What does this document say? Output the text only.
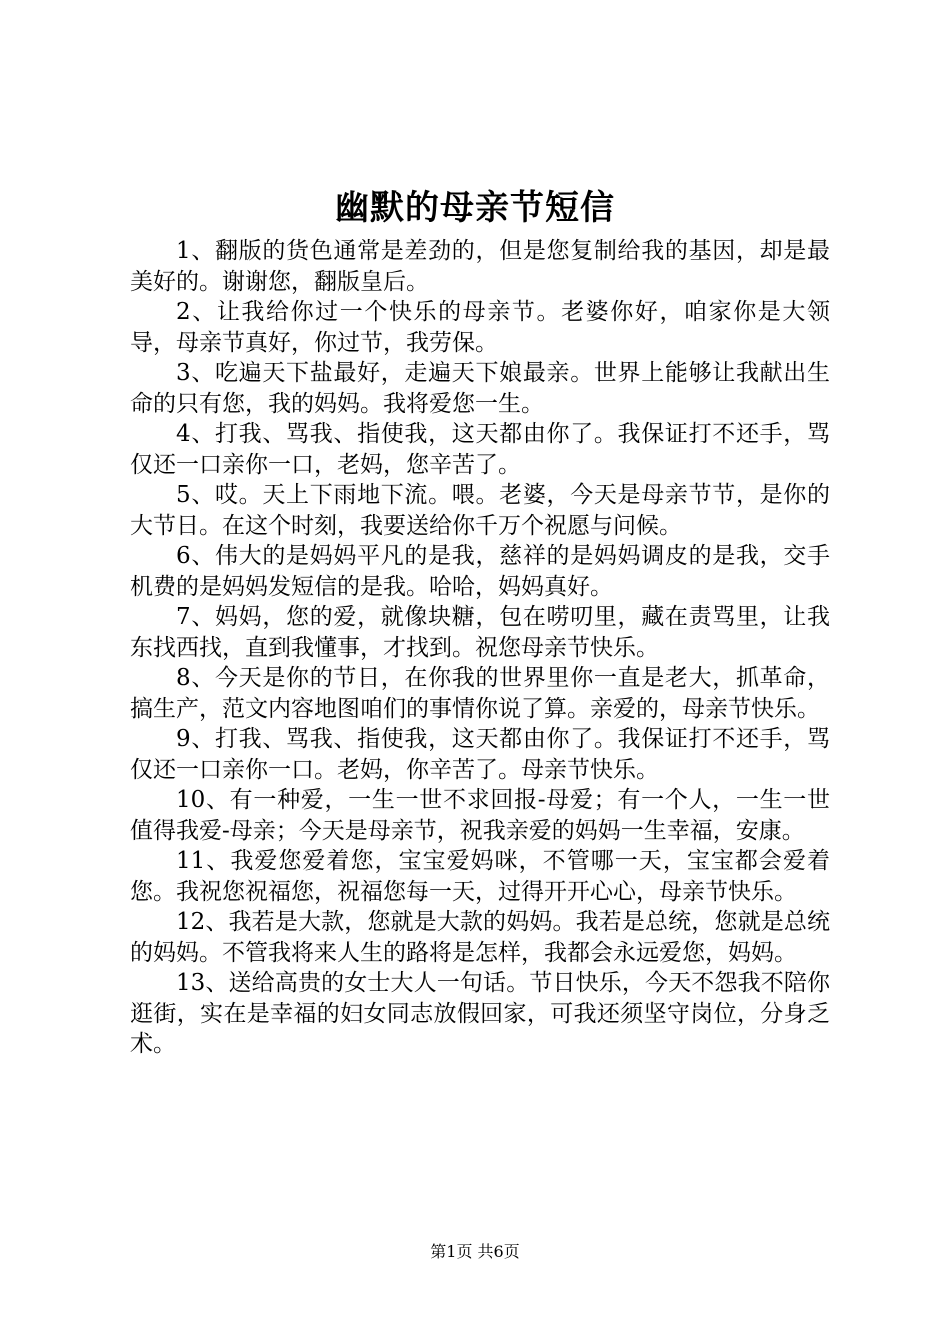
幽默的母亲节短信

1、翻版的货色通常是差劲的，但是您复制给我的基因，却是最美好的。谢谢您，翻版皇后。

2、让我给你过一个快乐的母亲节。老婆你好，咱家你是大领导，母亲节真好，你过节，我劳保。

3、吃遍天下盐最好，走遍天下娘最亲。世界上能够让我献出生命的只有您，我的妈妈。我将爱您一生。

4、打我、骂我、指使我，这天都由你了。我保证打不还手，骂仅还一口亲你一口，老妈，您辛苦了。

5、哎。天上下雨地下流。喂。老婆，今天是母亲节节，是你的大节日。在这个时刻，我要送给你千万个祝愿与问候。

6、伟大的是妈妈平凡的是我，慈祥的是妈妈调皮的是我，交手机费的是妈妈发短信的是我。哈哈，妈妈真好。

7、妈妈，您的爱，就像块糖，包在唠叨里，藏在责骂里，让我东找西找，直到我懂事，才找到。祝您母亲节快乐。

8、今天是你的节日，在你我的世界里你一直是老大，抓革命，搞生产，范文内容地图咱们的事情你说了算。亲爱的，母亲节快乐。

9、打我、骂我、指使我，这天都由你了。我保证打不还手，骂仅还一口亲你一口。老妈，你辛苦了。母亲节快乐。

10、有一种爱，一生一世不求回报-母爱；有一个人，一生一世值得我爱-母亲；今天是母亲节，祝我亲爱的妈妈一生幸福，安康。

11、我爱您爱着您，宝宝爱妈咪，不管哪一天，宝宝都会爱着您。我祝您祝福您，祝福您每一天，过得开开心心，母亲节快乐。

12、我若是大款，您就是大款的妈妈。我若是总统，您就是总统的妈妈。不管我将来人生的路将是怎样，我都会永远爱您，妈妈。

13、送给高贵的女士大人一句话。节日快乐，今天不怨我不陪你逛街，实在是幸福的妇女同志放假回家，可我还须坚守岗位，分身乏术。

第1页 共6页
